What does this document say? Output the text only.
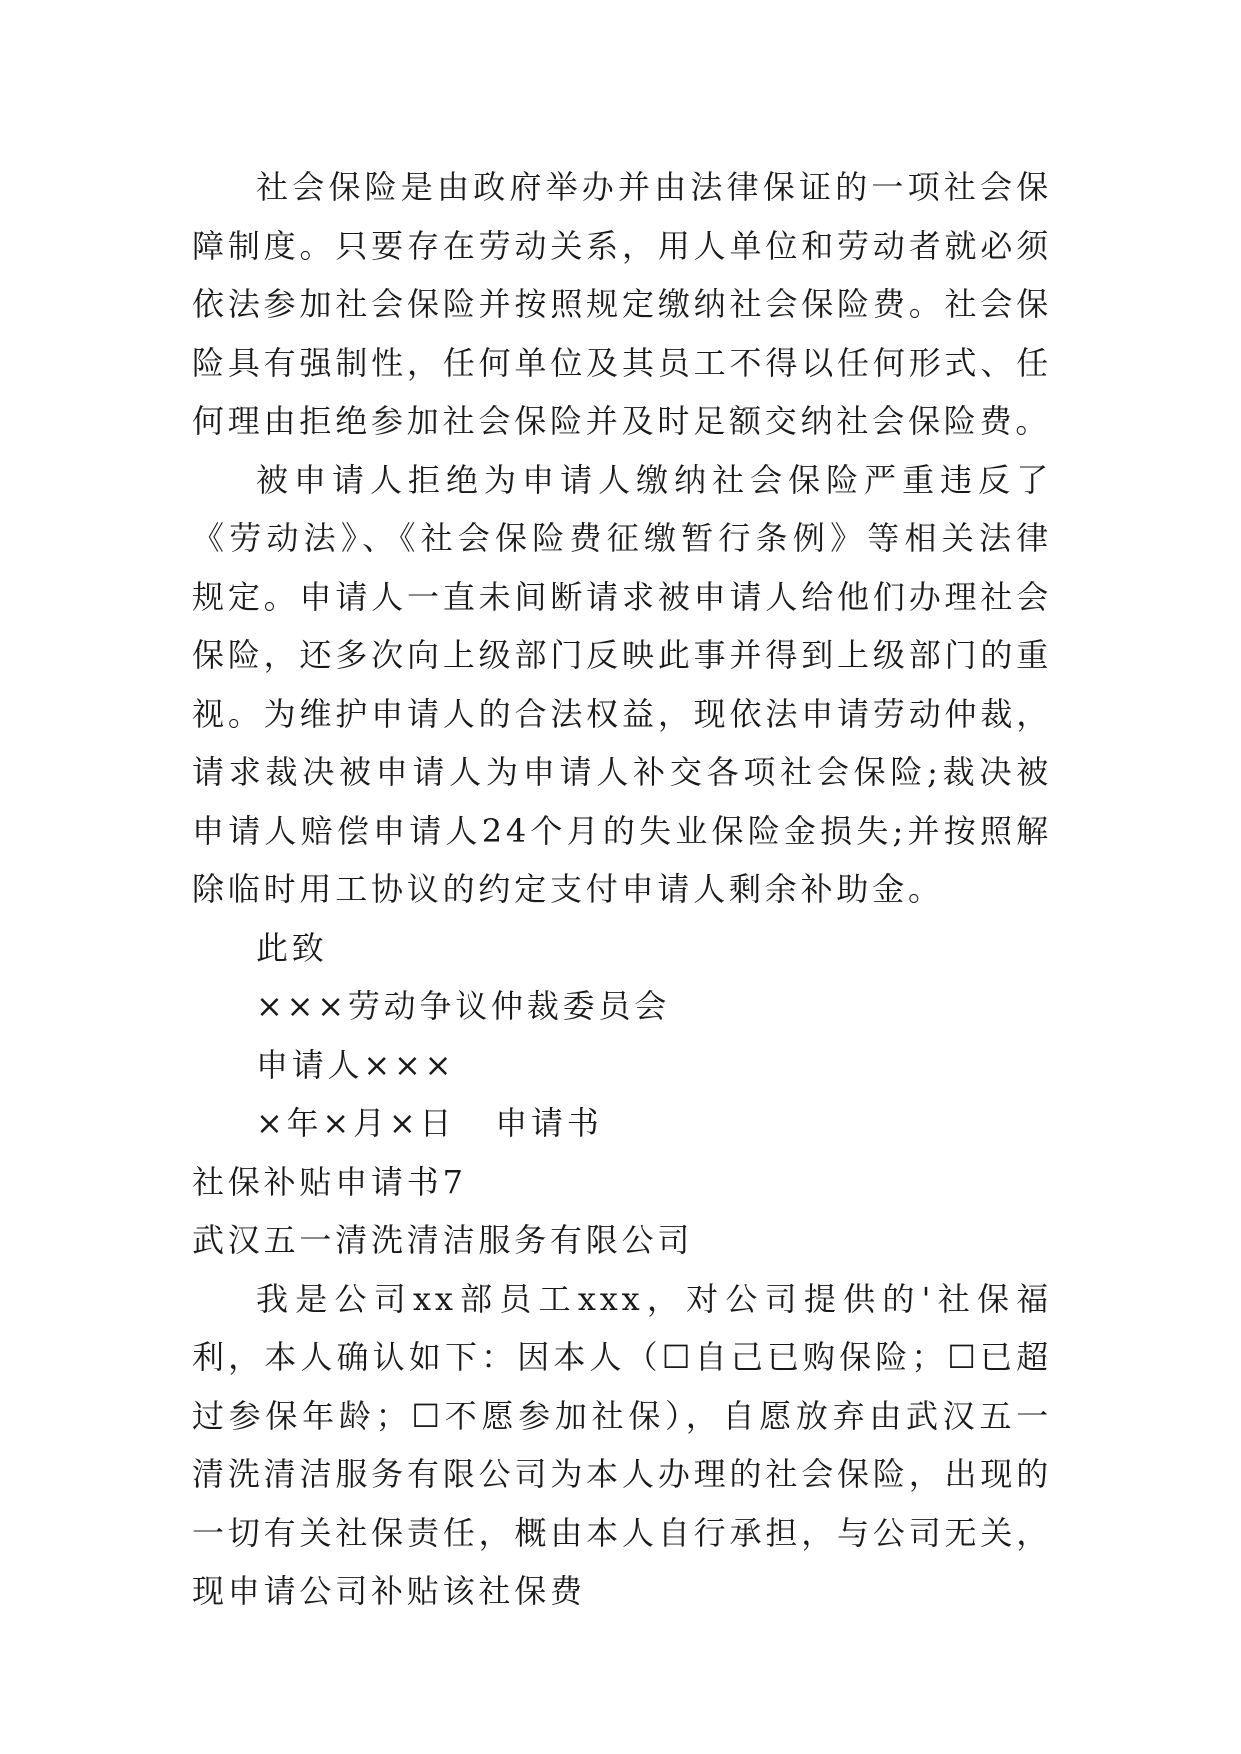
社会保险是由政府举办并由法律保证的一项社会保障制度。只要存在劳动关系，用人单位和劳动者就必须依法参加社会保险并按照规定缴纳社会保险费。社会保险具有强制性，任何单位及其员工不得以任何形式、任何理由拒绝参加社会保险并及时足额交纳社会保险费。

被申请人拒绝为申请人缴纳社会保险严重违反了《劳动法》、《社会保险费征缴暂行条例》等相关法律规定。申请人一直未间断请求被申请人给他们办理社会保险，还多次向上级部门反映此事并得到上级部门的重视。为维护申请人的合法权益，现依法申请劳动仲裁，请求裁决被申请人为申请人补交各项社会保险;裁决被申请人赔偿申请人24个月的失业保险金损失;并按照解除临时用工协议的约定支付申请人剩余补助金。

此致

×××劳动争议仲裁委员会

申请人×××

×年×月×日 申请书

社保补贴申请书7

武汉五一清洗清洁服务有限公司

我是公司xx部员工xxx，对公司提供的'社保福利，本人确认如下：因本人（☐自己已购保险；☐已超过参保年龄；☐不愿参加社保），自愿放弃由武汉五一清洗清洁服务有限公司为本人办理的社会保险，出现的一切有关社保责任，概由本人自行承担，与公司无关，现申请公司补贴该社保费
